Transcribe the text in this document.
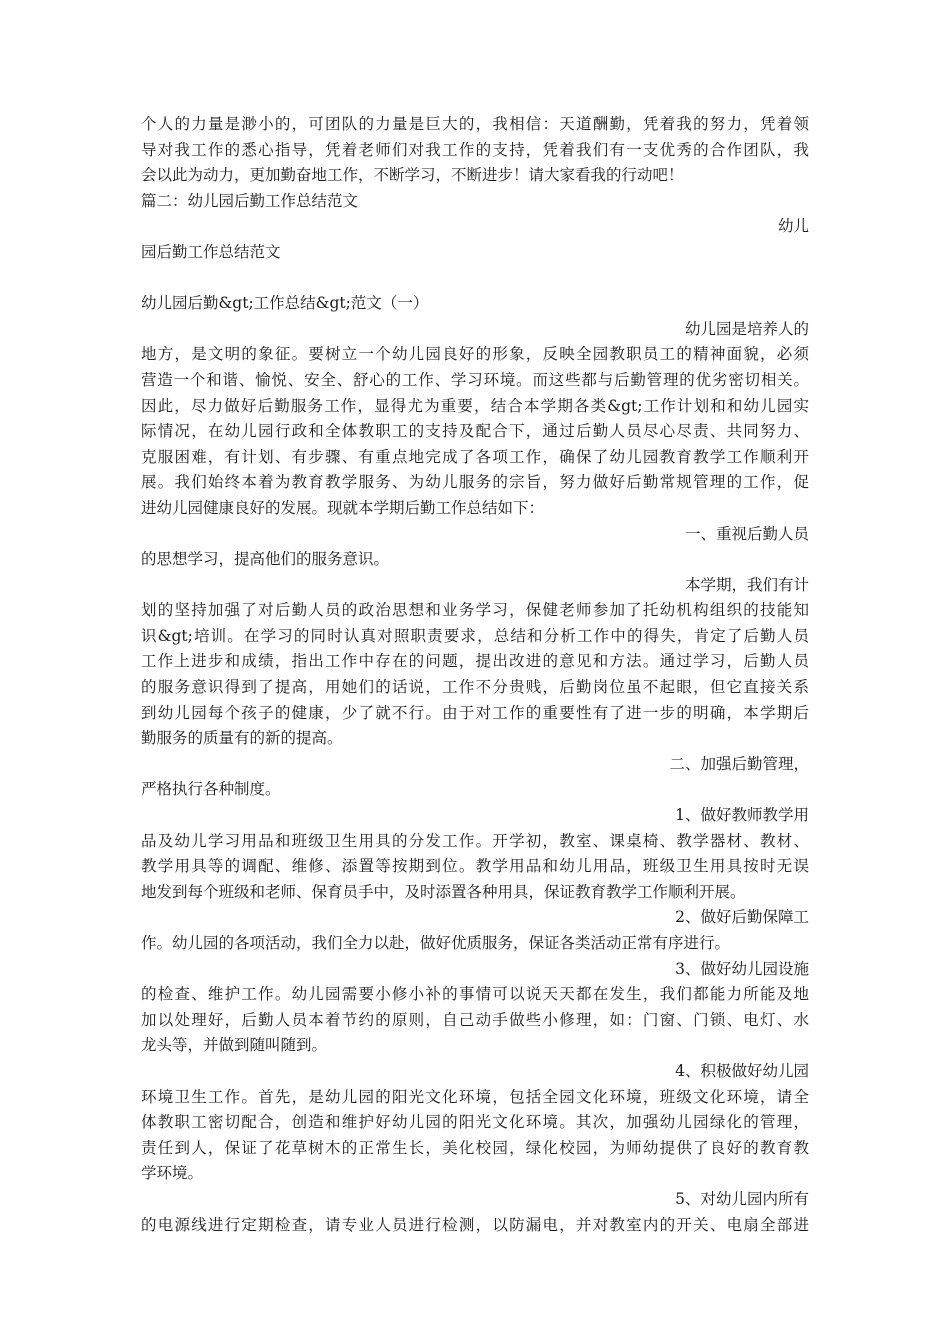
个人的力量是渺小的，可团队的力量是巨大的，我相信：天道酬勤，凭着我的努力，凭着领
导对我工作的悉心指导，凭着老师们对我工作的支持，凭着我们有一支优秀的合作团队，我
会以此为动力，更加勤奋地工作，不断学习，不断进步！请大家看我的行动吧！
篇二：幼儿园后勤工作总结范文
幼儿
园后勤工作总结范文
幼儿园后勤&gt;工作总结&gt;范文（一）
幼儿园是培养人的
地方，是文明的象征。要树立一个幼儿园良好的形象，反映全园教职员工的精神面貌，必须
营造一个和谐、愉悦、安全、舒心的工作、学习环境。而这些都与后勤管理的优劣密切相关。
因此，尽力做好后勤服务工作，显得尤为重要，结合本学期各类&gt;工作计划和和幼儿园实
际情况，在幼儿园行政和全体教职工的支持及配合下，通过后勤人员尽心尽责、共同努力、
克服困难，有计划、有步骤、有重点地完成了各项工作，确保了幼儿园教育教学工作顺利开
展。我们始终本着为教育教学服务、为幼儿服务的宗旨，努力做好后勤常规管理的工作，促
进幼儿园健康良好的发展。现就本学期后勤工作总结如下：
一、重视后勤人员
的思想学习，提高他们的服务意识。
本学期，我们有计
划的坚持加强了对后勤人员的政治思想和业务学习，保健老师参加了托幼机构组织的技能知
识&gt;培训。在学习的同时认真对照职责要求，总结和分析工作中的得失，肯定了后勤人员
工作上进步和成绩，指出工作中存在的问题，提出改进的意见和方法。通过学习，后勤人员
的服务意识得到了提高，用她们的话说，工作不分贵贱，后勤岗位虽不起眼，但它直接关系
到幼儿园每个孩子的健康，少了就不行。由于对工作的重要性有了进一步的明确，本学期后
勤服务的质量有的新的提高。
二、加强后勤管理，
严格执行各种制度。
1、做好教师教学用
品及幼儿学习用品和班级卫生用具的分发工作。开学初，教室、课桌椅、教学器材、教材、
教学用具等的调配、维修、添置等按期到位。教学用品和幼儿用品，班级卫生用具按时无误
地发到每个班级和老师、保育员手中，及时添置各种用具，保证教育教学工作顺利开展。
2、做好后勤保障工
作。幼儿园的各项活动，我们全力以赴，做好优质服务，保证各类活动正常有序进行。
3、做好幼儿园设施
的检查、维护工作。幼儿园需要小修小补的事情可以说天天都在发生，我们都能力所能及地
加以处理好，后勤人员本着节约的原则，自己动手做些小修理，如：门窗、门锁、电灯、水
龙头等，并做到随叫随到。
4、积极做好幼儿园
环境卫生工作。首先，是幼儿园的阳光文化环境，包括全园文化环境，班级文化环境，请全
体教职工密切配合，创造和维护好幼儿园的阳光文化环境。其次，加强幼儿园绿化的管理，
责任到人，保证了花草树木的正常生长，美化校园，绿化校园，为师幼提供了良好的教育教
学环境。
5、对幼儿园内所有
的电源线进行定期检查，请专业人员进行检测，以防漏电，并对教室内的开关、电扇全部进
